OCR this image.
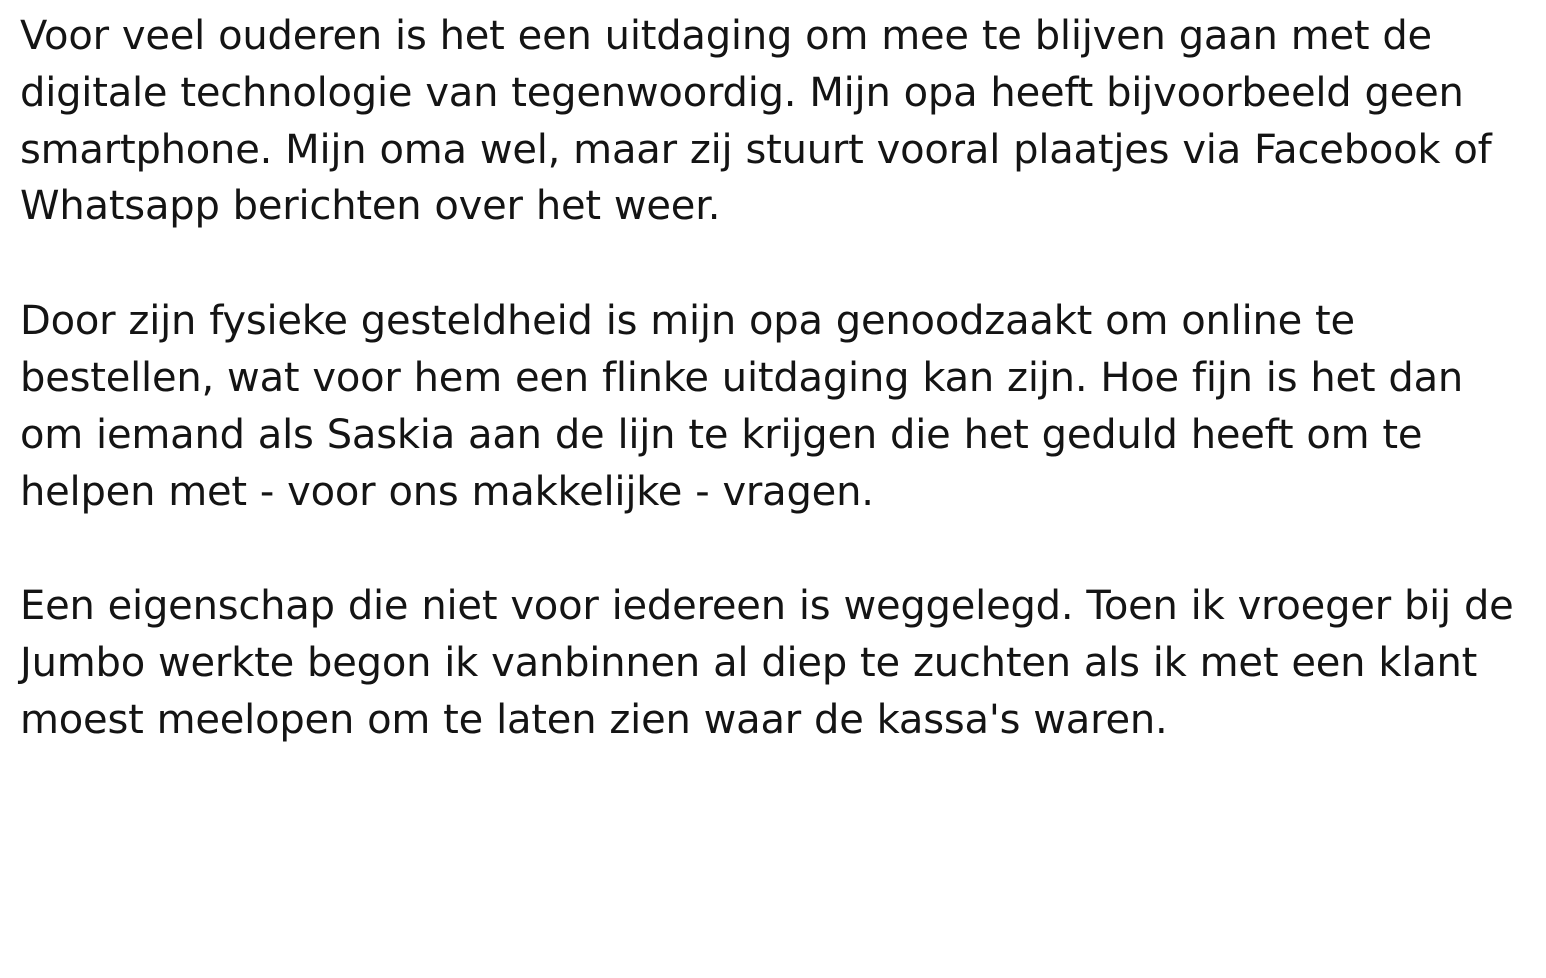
Voor veel ouderen is het een uitdaging om mee te blijven gaan met de digitale technologie van tegenwoordig. Mijn opa heeft bijvoorbeeld geen smartphone. Mijn oma wel, maar zij stuurt vooral plaatjes via Facebook of Whatsapp berichten over het weer.

Door zijn fysieke gesteldheid is mijn opa genoodzaakt om online te bestellen, wat voor hem een flinke uitdaging kan zijn. Hoe fijn is het dan om iemand als Saskia aan de lijn te krijgen die het geduld heeft om te helpen met - voor ons makkelijke - vragen.

Een eigenschap die niet voor iedereen is weggelegd. Toen ik vroeger bij de Jumbo werkte begon ik vanbinnen al diep te zuchten als ik met een klant moest meelopen om te laten zien waar de kassa's waren.
